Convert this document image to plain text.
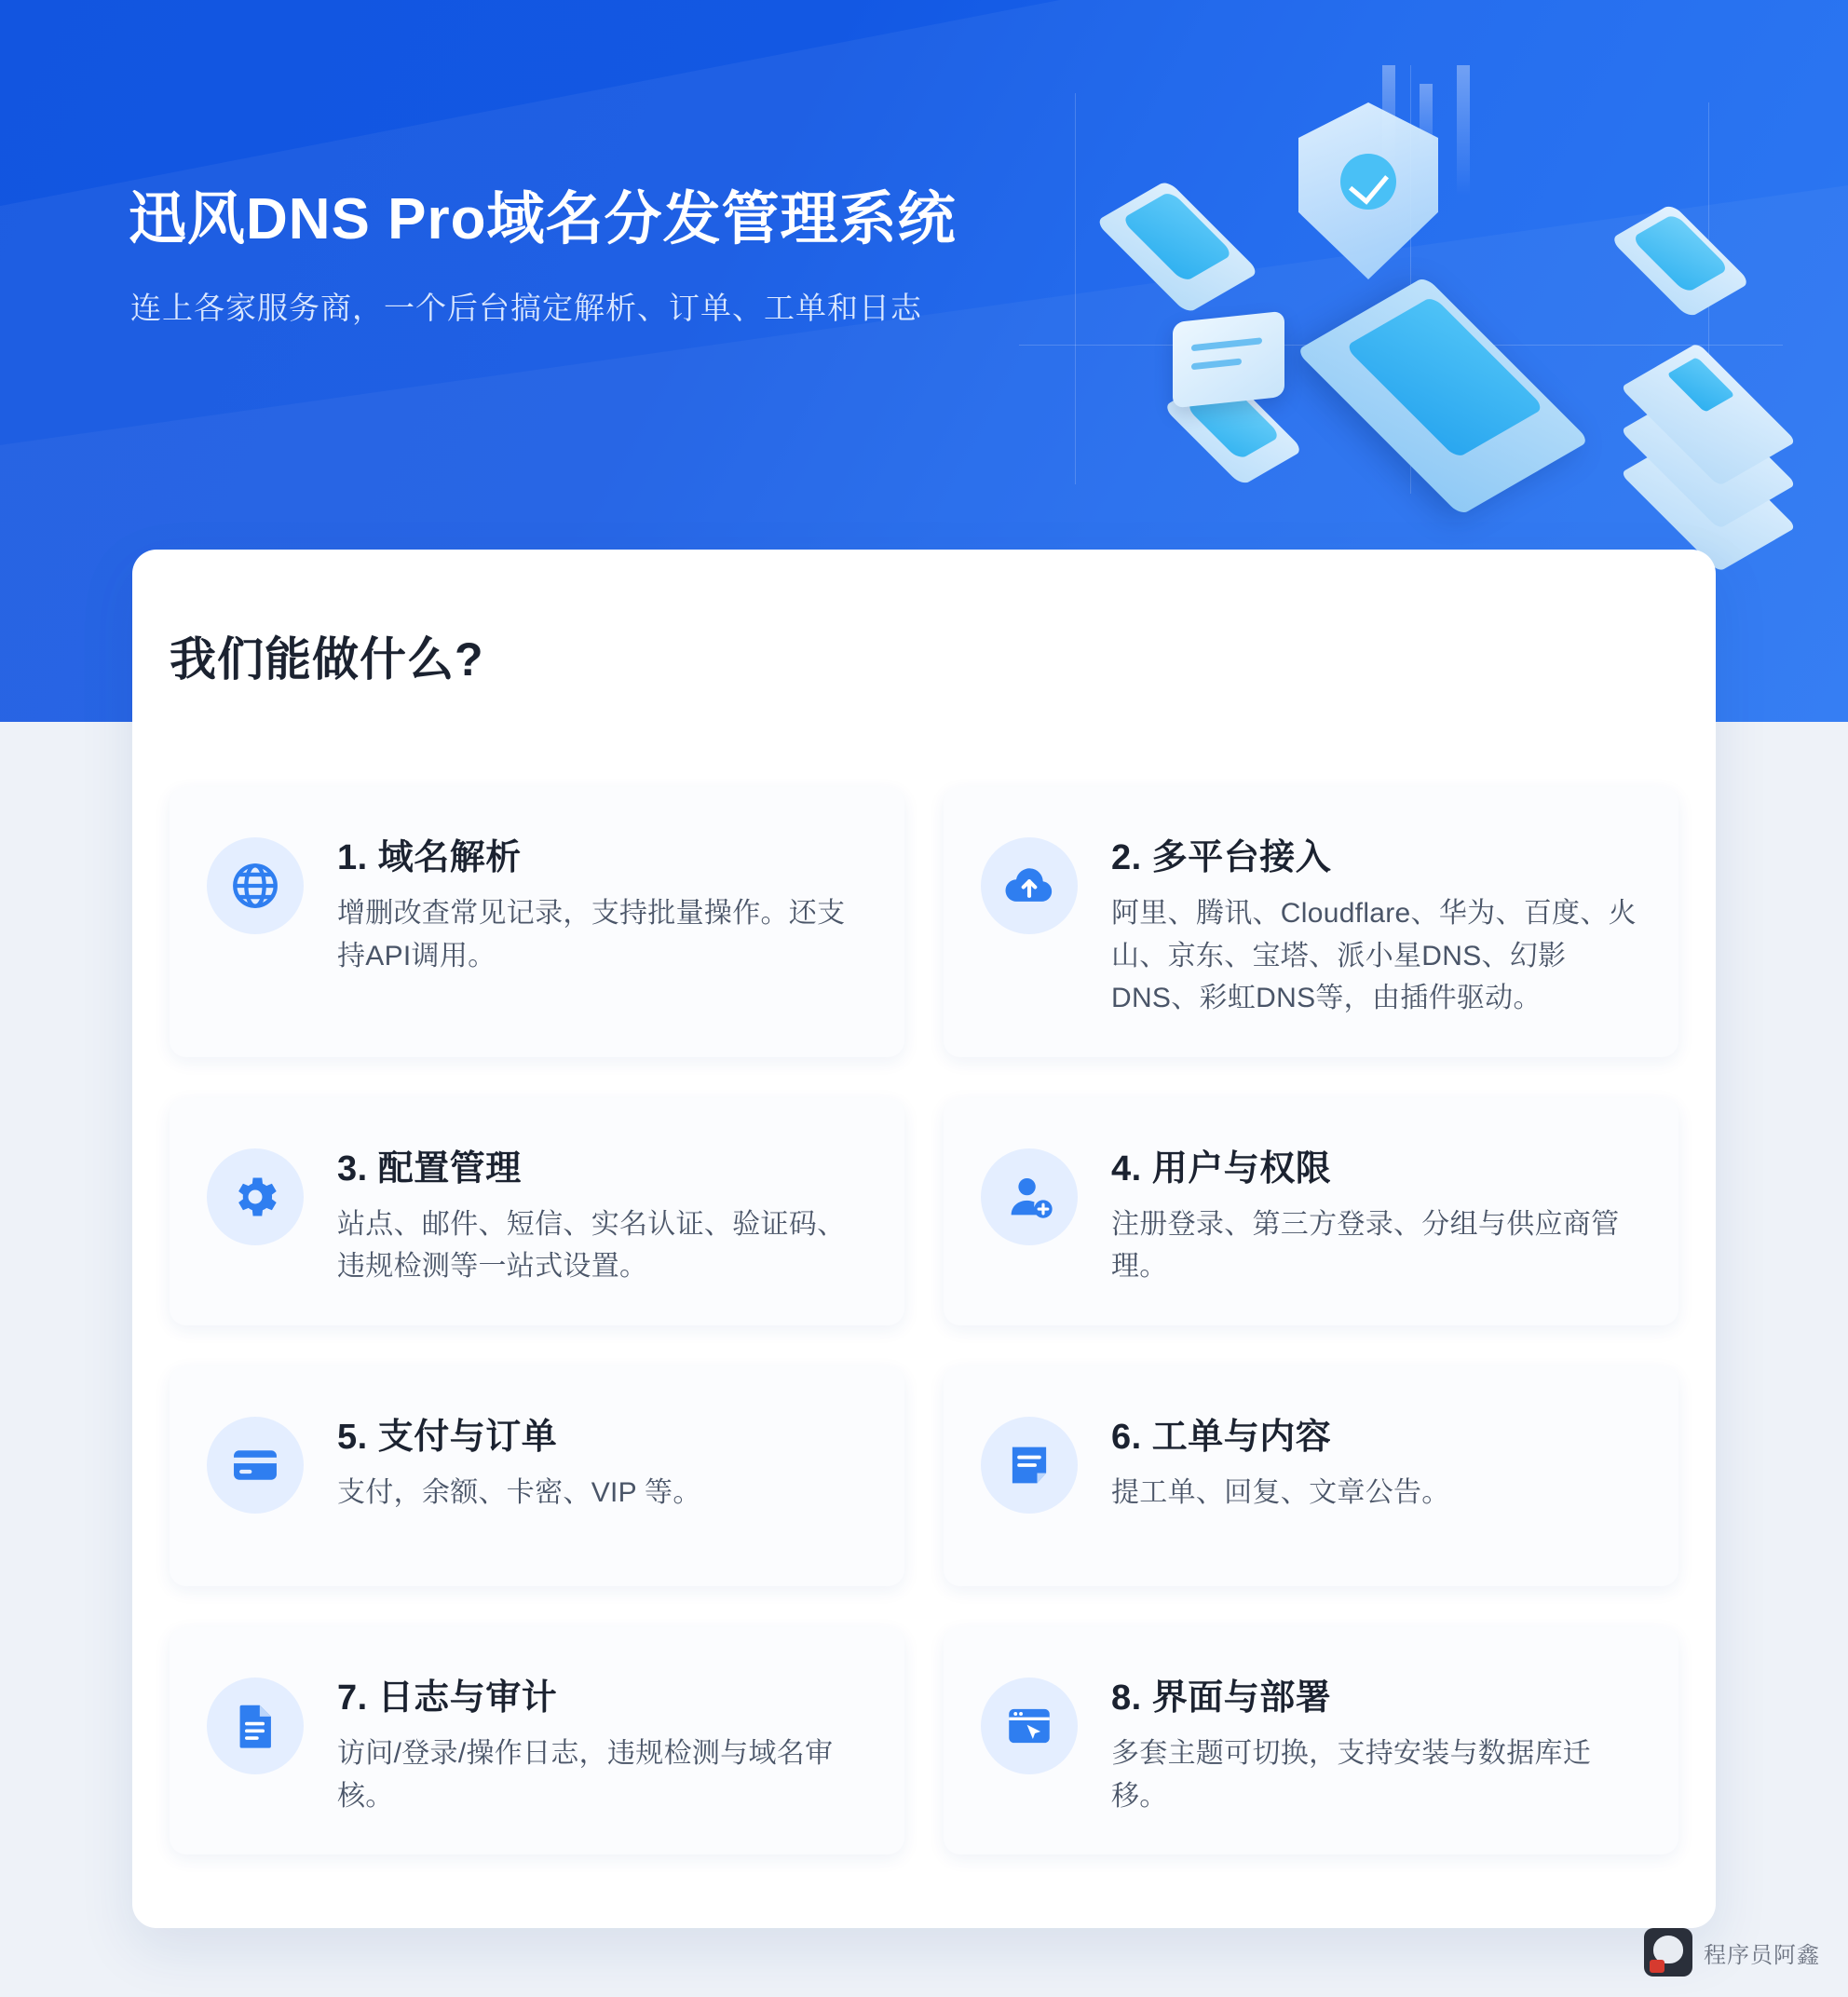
迅风DNS Pro域名分发管理系统
连上各家服务商，一个后台搞定解析、订单、工单和日志
我们能做什么?
1. 域名解析
增删改查常见记录，支持批量操作。还支持API调用。
2. 多平台接入
阿里、腾讯、Cloudflare、华为、百度、火山、京东、宝塔、派小星DNS、幻影DNS、彩虹DNS等，由插件驱动。
3. 配置管理
站点、邮件、短信、实名认证、验证码、违规检测等一站式设置。
4. 用户与权限
注册登录、第三方登录、分组与供应商管理。
5. 支付与订单
支付，余额、卡密、VIP 等。
6. 工单与内容
提工单、回复、文章公告。
7. 日志与审计
访问/登录/操作日志，违规检测与域名审核。
8. 界面与部署
多套主题可切换，支持安装与数据库迁移。
程序员阿鑫
